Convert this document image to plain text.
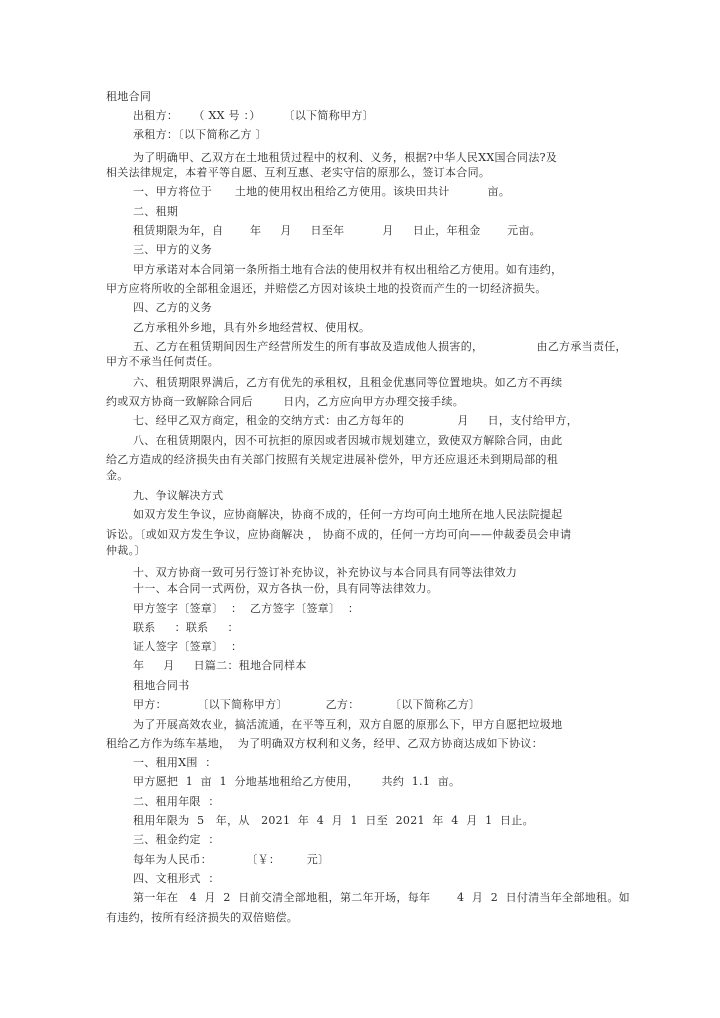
租地合同
出租方：    （ XX 号 ：）      〔以下简称甲方〕
承租方：〔以下简称乙方 〕
为了明确甲、乙双方在土地租赁过程中的权利、义务，根据?中华人民XX国合同法?及
相关法律规定，本着平等自愿、互利互惠、老实守信的原那么，签订本合同。
一、甲方将位于      土地的使用权出租给乙方使用。该块田共计          亩。
二、租期
租赁期限为年，自       年     月     日至年          月     日止，年租金       元亩。
三、甲方的义务
甲方承诺对本合同第一条所指土地有合法的使用权并有权出租给乙方使用。如有违约，
甲方应将所收的全部租金退还，并赔偿乙方因对该块土地的投资而产生的一切经济损失。
四、乙方的义务
乙方承租外乡地，具有外乡地经营权、使用权。
五、乙方在租赁期间因生产经营所发生的所有事故及造成他人损害的，              由乙方承当责任，
甲方不承当任何责任。
六、租赁期限界满后，乙方有优先的承租权，且租金优惠同等位置地块。如乙方不再续
约或双方协商一致解除合同后        日内，乙方应向甲方办理交接手续。
七、经甲乙双方商定，租金的交纳方式：由乙方每年的              月     日，支付给甲方，
八、在租赁期限内，因不可抗拒的原因或者因城市规划建立，致使双方解除合同，由此
给乙方造成的经济损失由有关部门按照有关规定进展补偿外，甲方还应退还未到期局部的租
金。
九、争议解决方式
如双方发生争议，应协商解决，协商不成的，任何一方均可向土地所在地人民法院提起
诉讼。〔或如双方发生争议，应协商解决 ， 协商不成的，任何一方均可向——仲裁委员会申请
仲裁。〕
十、双方协商一致可另行签订补充协议，补充协议与本合同具有同等法律效力
十一、本合同一式两份，双方各执一份，具有同等法律效力。
甲方签字〔签章〕  ：  乙方签字〔签章〕  ：
联系     ：联系     ：
证人签字〔签章〕  ：
年     月     日篇二：租地合同样本
租地合同书
甲方：        〔以下简称甲方〕          乙方：        〔以下简称乙方〕
为了开展高效农业，搞活流通，在平等互利，双方自愿的原那么下，甲方自愿把垃圾地
租给乙方作为练车基地，  为了明确双方权利和义务，经甲、乙双方协商达成如下协议：
一、租用Ⅹ围  ：
甲方愿把  1  亩  1  分地基地租给乙方使用，      共约  1.1  亩。
二、租用年限  ：
租用年限为  5   年，从   2021  年  4  月  1  日至  2021  年  4  月  1  日止。
三、租金约定  ：
每年为人民币：         〔￥：       元〕
四、文租形式  ：
第一年在   4  月  2  日前交清全部地租，第二年开场，每年       4  月  2  日付清当年全部地租。如
有违约，按所有经济损失的双倍赔偿。
